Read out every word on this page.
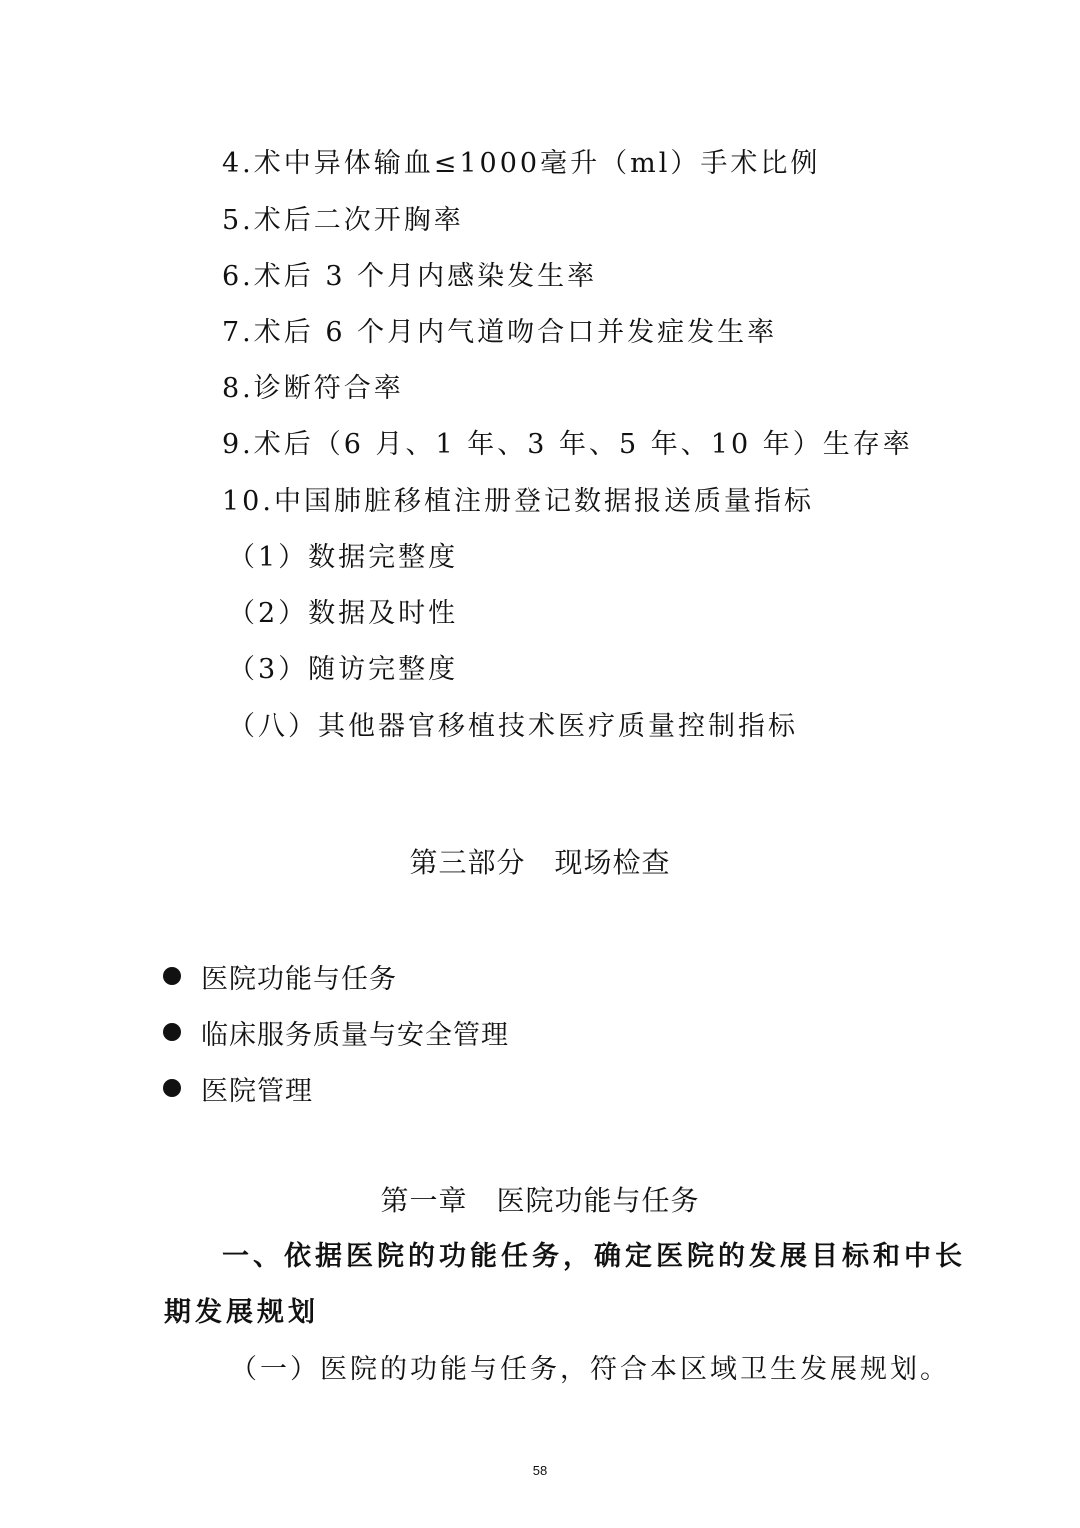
4.术中异体输血≤1000毫升（ml）手术比例
5.术后二次开胸率
6.术后 3 个月内感染发生率
7.术后 6 个月内气道吻合口并发症发生率
8.诊断符合率
9.术后（6 月、1 年、3 年、5 年、10 年）生存率
10.中国肺脏移植注册登记数据报送质量指标
（1）数据完整度
（2）数据及时性
（3）随访完整度
（八）其他器官移植技术医疗质量控制指标
第三部分　现场检查
医院功能与任务
临床服务质量与安全管理
医院管理
第一章　医院功能与任务
一、依据医院的功能任务，确定医院的发展目标和中长
期发展规划
（一）医院的功能与任务，符合本区域卫生发展规划。
58
